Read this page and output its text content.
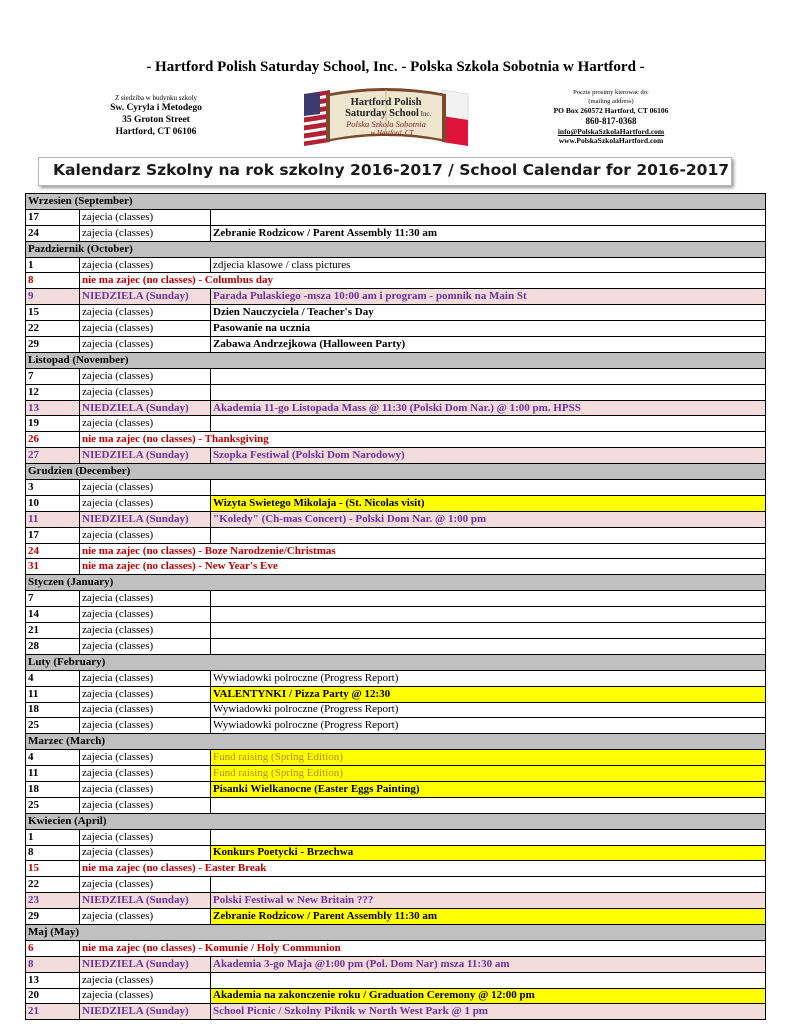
- Hartford Polish Saturday School, Inc. - Polska Szkola Sobotnia w Hartford -
Z siedziba w budynku szkoly
Sw. Cyryla i Metodego
35 Groton Street
Hartford, CT 06106
Hartford Polish
Saturday School Inc.
Polska Szkola Sobotnia
w Hartford, CT
Poczte prosimy kierowac do:
(mailing address)
PO Box 260572 Hartford, CT 06106
860-817-0368
info@PolskaSzkolaHartford.com
www.PolskaSzkolaHartford.com
Kalendarz Szkolny na rok szkolny 2016-2017 / School Calendar for 2016-2017
Wrzesien (September)		
17	zajecia (classes)	
24	zajecia (classes)	Zebranie Rodzicow / Parent Assembly 11:30 am
Pazdziernik (October)		
1	zajecia (classes)	zdjecia klasowe / class pictures
8	nie ma zajec (no classes) - Columbus day	
9	NIEDZIELA (Sunday)	Parada Pulaskiego -msza 10:00 am i program - pomnik na Main St
15	zajecia (classes)	Dzien Nauczyciela / Teacher's Day
22	zajecia (classes)	Pasowanie na ucznia
29	zajecia (classes)	Zabawa Andrzejkowa (Halloween Party)
Listopad (November)		
7	zajecia (classes)	
12	zajecia (classes)	
13	NIEDZIELA (Sunday)	Akademia 11-go Listopada Mass @ 11:30 (Polski Dom Nar.) @ 1:00 pm. HPSS
19	zajecia (classes)	
26	nie ma zajec (no classes) - Thanksgiving	
27	NIEDZIELA (Sunday)	Szopka Festiwal (Polski Dom Narodowy)
Grudzien (December)		
3	zajecia (classes)	
10	zajecia (classes)	Wizyta Swietego Mikolaja - (St. Nicolas visit)
11	NIEDZIELA (Sunday)	"Koledy" (Ch-mas Concert) - Polski Dom Nar. @ 1:00 pm
17	zajecia (classes)	
24	nie ma zajec (no classes) - Boze Narodzenie/Christmas	
31	nie ma zajec (no classes) - New Year's Eve	
Styczen (January)		
7	zajecia (classes)	
14	zajecia (classes)	
21	zajecia (classes)	
28	zajecia (classes)	
Luty (February)		
4	zajecia (classes)	Wywiadowki polroczne (Progress Report)
11	zajecia (classes)	VALENTYNKI / Pizza Party @ 12:30
18	zajecia (classes)	Wywiadowki polroczne (Progress Report)
25	zajecia (classes)	Wywiadowki polroczne (Progress Report)
Marzec (March)		
4	zajecia (classes)	Fund raising (Spring Edition)
11	zajecia (classes)	Fund raising (Spring Edition)
18	zajecia (classes)	Pisanki Wielkanocne (Easter Eggs Painting)
25	zajecia (classes)	
Kwiecien (April)		
1	zajecia (classes)	
8	zajecia (classes)	Konkurs Poetycki - Brzechwa
15	nie ma zajec (no classes) - Easter Break	
22	zajecia (classes)	
23	NIEDZIELA (Sunday)	Polski Festiwal w New Britain ???
29	zajecia (classes)	Zebranie Rodzicow / Parent Assembly 11:30 am
Maj (May)		
6	nie ma zajec (no classes) - Komunie / Holy Communion	
8	NIEDZIELA (Sunday)	Akademia 3-go Maja @1:00 pm (Pol. Dom Nar) msza 11:30 am
13	zajecia (classes)	
20	zajecia (classes)	Akademia na zakonczenie roku / Graduation Ceremony @ 12:00 pm
21	NIEDZIELA (Sunday)	School Picnic / Szkolny Piknik w North West Park @ 1 pm
